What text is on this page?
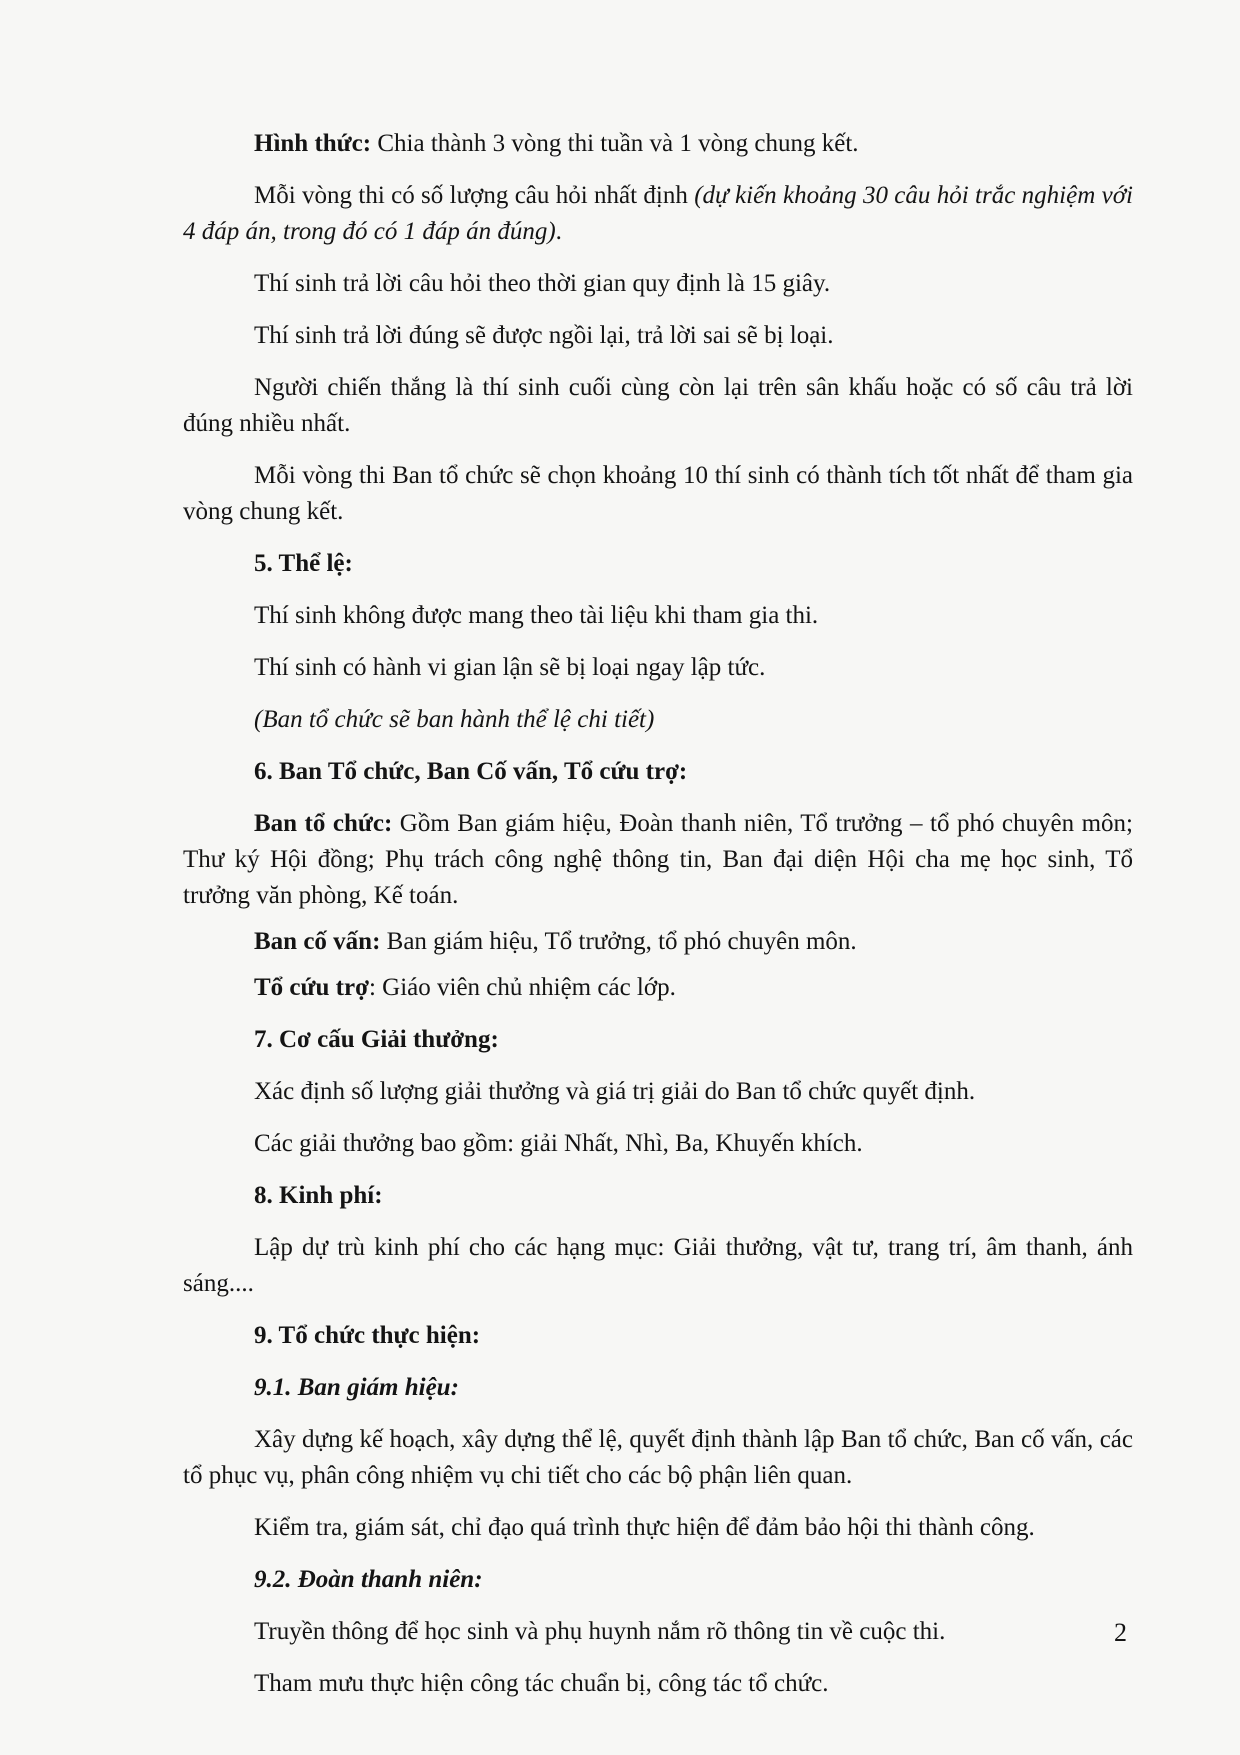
Hình thức: Chia thành 3 vòng thi tuần và 1 vòng chung kết.

Mỗi vòng thi có số lượng câu hỏi nhất định (dự kiến khoảng 30 câu hỏi trắc nghiệm với 4 đáp án, trong đó có 1 đáp án đúng).

Thí sinh trả lời câu hỏi theo thời gian quy định là 15 giây.

Thí sinh trả lời đúng sẽ được ngồi lại, trả lời sai sẽ bị loại.

Người chiến thắng là thí sinh cuối cùng còn lại trên sân khấu hoặc có số câu trả lời đúng nhiều nhất.

Mỗi vòng thi Ban tổ chức sẽ chọn khoảng 10 thí sinh có thành tích tốt nhất để tham gia vòng chung kết.

5. Thể lệ:

Thí sinh không được mang theo tài liệu khi tham gia thi.

Thí sinh có hành vi gian lận sẽ bị loại ngay lập tức.

(Ban tổ chức sẽ ban hành thể lệ chi tiết)

6. Ban Tổ chức, Ban Cố vấn, Tổ cứu trợ:

Ban tổ chức: Gồm Ban giám hiệu, Đoàn thanh niên, Tổ trưởng – tổ phó chuyên môn; Thư ký Hội đồng; Phụ trách công nghệ thông tin, Ban đại diện Hội cha mẹ học sinh, Tổ trưởng văn phòng, Kế toán.

Ban cố vấn: Ban giám hiệu, Tổ trưởng, tổ phó chuyên môn.

Tổ cứu trợ: Giáo viên chủ nhiệm các lớp.

7. Cơ cấu Giải thưởng:

Xác định số lượng giải thưởng và giá trị giải do Ban tổ chức quyết định.

Các giải thưởng bao gồm: giải Nhất, Nhì, Ba, Khuyến khích.

8. Kinh phí:

Lập dự trù kinh phí cho các hạng mục: Giải thưởng, vật tư, trang trí, âm thanh, ánh sáng....

9. Tổ chức thực hiện:

9.1. Ban giám hiệu:

Xây dựng kế hoạch, xây dựng thể lệ, quyết định thành lập Ban tổ chức, Ban cố vấn, các tổ phục vụ, phân công nhiệm vụ chi tiết cho các bộ phận liên quan.

Kiểm tra, giám sát, chỉ đạo quá trình thực hiện để đảm bảo hội thi thành công.

9.2. Đoàn thanh niên:

Truyền thông để học sinh và phụ huynh nắm rõ thông tin về cuộc thi.

Tham mưu thực hiện công tác chuẩn bị, công tác tổ chức.

2
